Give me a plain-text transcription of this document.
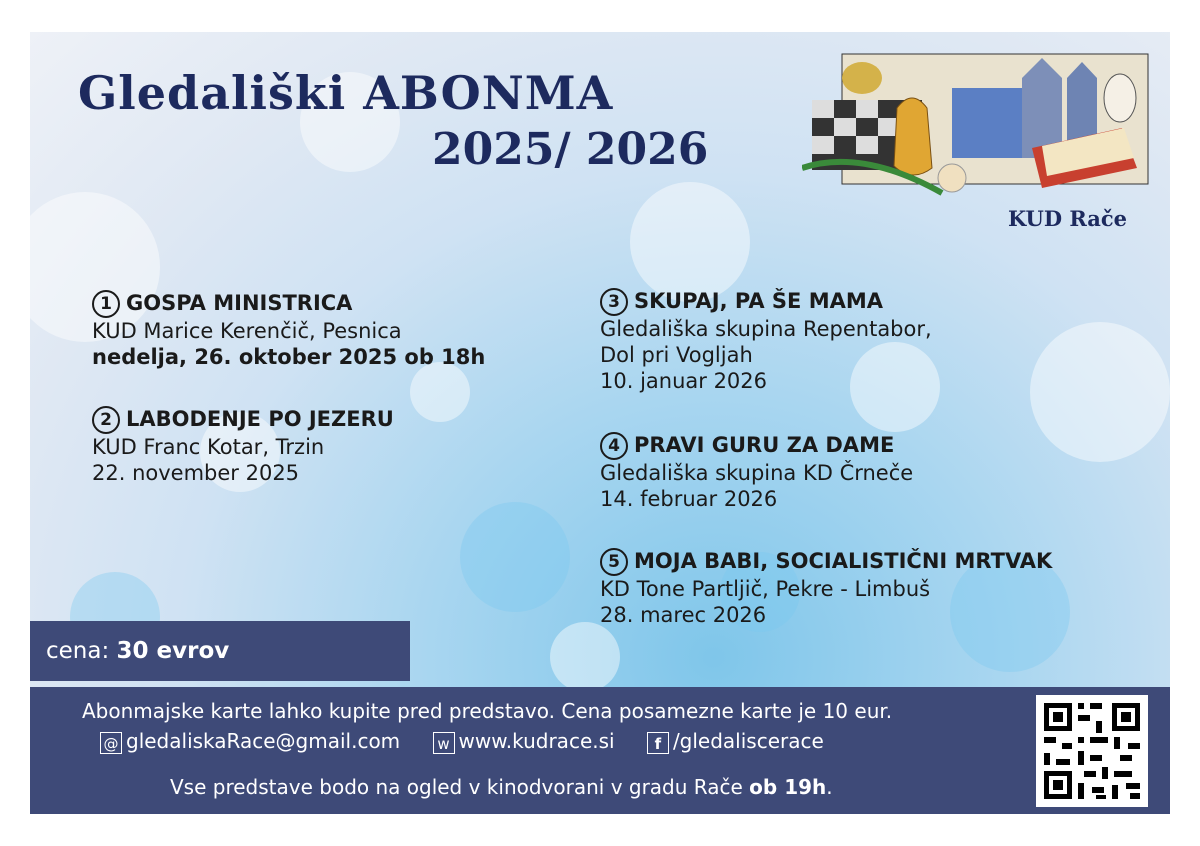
Gledališki ABONMA
2025/ 2026
KUD Rače
1 GOSPA MINISTRICA
KUD Marice Kerenčič, Pesnica
nedelja, 26. oktober 2025 ob 18h
2 LABODENJE PO JEZERU
KUD Franc Kotar, Trzin
22. november 2025
3 SKUPAJ, PA ŠE MAMA
Gledališka skupina Repentabor,
Dol pri Vogljah
10. januar 2026
4 PRAVI GURU ZA DAME
Gledališka skupina KD Črneče
14. februar 2026
5 MOJA BABI, SOCIALISTIČNI MRTVAK
KD Tone Partljič, Pekre - Limbuš
28. marec 2026
cena: 30 evrov
Abonmajske karte lahko kupite pred predstavo. Cena posamezne karte je 10 eur.
@ gledaliskaRace@gmail.com w www.kudrace.si	f /gledaliscerace
Vse predstave bodo na ogled v kinodvorani v gradu Rače ob 19h.
